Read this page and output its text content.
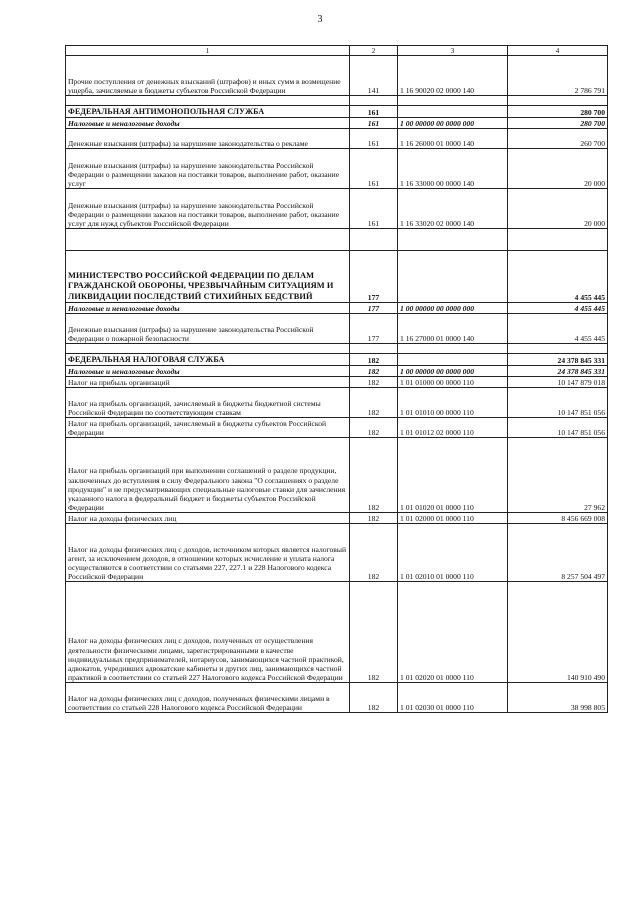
3
1	2	3	4
Прочие поступления от денежных взысканий (штрафов) и иных сумм в возмещение ущерба, зачисляемые в бюджеты субъектов Российской Федерации	141	1 16 90020 02 0000 140	2 786 791

ФЕДЕРАЛЬНАЯ АНТИМОНОПОЛЬНАЯ СЛУЖБА	161		280 700
Налоговые и неналоговые доходы	161	1 00 00000 00 0000 000	280 700
Денежные взыскания (штрафы) за нарушение законодательства о рекламе	161	1 16 26000 01 0000 140	260 700
Денежные взыскания (штрафы) за нарушение законодательства Российской Федерации о размещении заказов на поставки товаров, выполнение работ, оказание услуг	161	1 16 33000 00 0000 140	20 000
Денежные взыскания (штрафы) за нарушение законодательства Российской Федерации о размещении заказов на поставки товаров, выполнение работ, оказание услуг для нужд субъектов Российской Федерации	161	1 16 33020 02 0000 140	20 000

МИНИСТЕРСТВО РОССИЙСКОЙ ФЕДЕРАЦИИ ПО ДЕЛАМ ГРАЖДАНСКОЙ ОБОРОНЫ, ЧРЕЗВЫЧАЙНЫМ СИТУАЦИЯМ И ЛИКВИДАЦИИ ПОСЛЕДСТВИЙ СТИХИЙНЫХ БЕДСТВИЙ	177		4 455 445
Налоговые и неналоговые доходы	177	1 00 00000 00 0000 000	4 455 445
Денежные взыскания (штрафы) за нарушение законодательства Российской Федерации о пожарной безопасности	177	1 16 27000 01 0000 140	4 455 445

ФЕДЕРАЛЬНАЯ НАЛОГОВАЯ СЛУЖБА	182		24 378 845 331
Налоговые и неналоговые доходы	182	1 00 00000 00 0000 000	24 378 845 331
Налог на прибыль организаций	182	1 01 01000 00 0000 110	10 147 879 018
Налог на прибыль организаций, зачисляемый в бюджеты бюджетной системы Российской Федерации по соответствующим ставкам	182	1 01 01010 00 0000 110	10 147 851 056
Налог на прибыль организаций, зачисляемый в бюджеты субъектов Российской Федерации	182	1 01 01012 02 0000 110	10 147 851 056
Налог на прибыль организаций при выполнении соглашений о разделе продукции, заключенных до вступления в силу Федерального закона "О соглашениях о разделе продукции" и не предусматривающих специальные налоговые ставки для зачисления указанного налога в федеральный бюджет и бюджеты субъектов Российской Федерации	182	1 01 01020 01 0000 110	27 962
Налог на доходы физических лиц	182	1 01 02000 01 0000 110	8 456 669 008
Налог на доходы физических лиц с доходов, источником которых является налоговый агент, за исключением доходов, в отношении которых исчисление и уплата налога осуществляются в соответствии со статьями 227, 227.1 и 228 Налогового кодекса Российской Федерации	182	1 01 02010 01 0000 110	8 257 504 497
Налог на доходы физических лиц с доходов, полученных от осуществления деятельности физическими лицами, зарегистрированными в качестве индивидуальных предпринимателей, нотариусов, занимающихся частной практикой, адвокатов, учредивших адвокатские кабинеты и других лиц, занимающихся частной практикой в соответствии со статьей 227 Налогового кодекса Российской Федерации	182	1 01 02020 01 0000 110	140 910 490
Налог на доходы физических лиц с доходов, полученных физическими лицами в соответствии со статьей 228 Налогового кодекса Российской Федерации	182	1 01 02030 01 0000 110	38 998 805
